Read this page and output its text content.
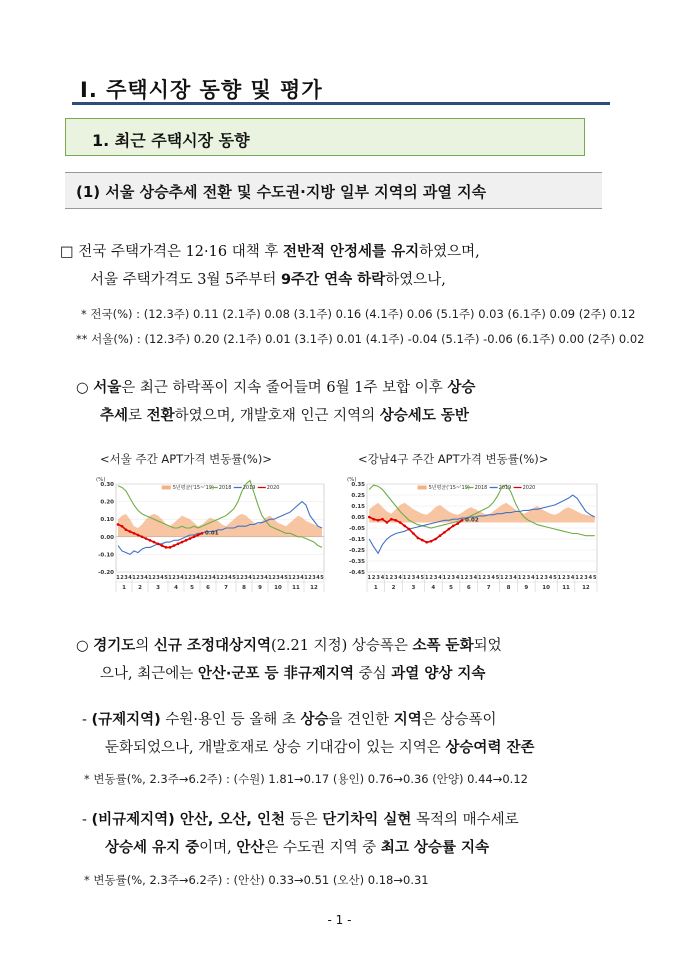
Ⅰ. 주택시장 동향 및 평가
1. 최근 주택시장 동향
(1) 서울 상승추세 전환 및 수도권·지방 일부 지역의 과열 지속
□ 전국 주택가격은 12·16 대책 후 전반적 안정세를 유지하였으며,
서울 주택가격도 3월 5주부터 9주간 연속 하락하였으나,
* 전국(%) : (12.3주) 0.11 (2.1주) 0.08 (3.1주) 0.16 (4.1주) 0.06 (5.1주) 0.03 (6.1주) 0.09 (2주) 0.12
** 서울(%) : (12.3주) 0.20 (2.1주) 0.01 (3.1주) 0.01 (4.1주) -0.04 (5.1주) -0.06 (6.1주) 0.00 (2주) 0.02
○ 서울은 최근 하락폭이 지속 줄어들며 6월 1주 보합 이후 상승
추세로 전환하였으며, 개발호재 인근 지역의 상승세도 동반
<서울 주간 APT가격 변동률(%)>	<강남4구 주간 APT가격 변동률(%)>
(%)
0.30
0.20
0.10
0.00
-0.10
-0.20
0.01
5년평균('15~'19) 2018 2019 2020
1 2 3 4 1 2 3 4 1 2 3 4 5 1 2 3 4 1 2 3 4 1 2 3 4 1 2 3 4 5 1 2 3 4 1 2 3 4 1 2 3 4 5 1 2 3 4 1 2 3 4 5
1 2	3	4 5 6	7	8 9 10 11 12
(%)
0.35
0.25
0.15
0.05
-0.05
-0.15
-0.25
-0.35
-0.45
0.02
5년평균('15~'19) 2018 2019 2020
1 2 3 4 1 2 3 4 1 2 3 4 5 1 2 3 4 1 2 3 4 1 2 3 4 1 2 3 4 5 1 2 3 4 1 2 3 4 1 2 3 4 5 1 2 3 4 1 2 3 4 5
1	2	3	4	5	6	7	8	9	10 11 12
○ 경기도의 신규 조정대상지역(2.21 지정) 상승폭은 소폭 둔화되었
으나, 최근에는 안산·군포 등 非규제지역 중심 과열 양상 지속
- (규제지역) 수원·용인 등 올해 초 상승을 견인한 지역은 상승폭이
둔화되었으나, 개발호재로 상승 기대감이 있는 지역은 상승여력 잔존
* 변동률(%, 2.3주→6.2주) : (수원) 1.81→0.17 (용인) 0.76→0.36 (안양) 0.44→0.12
- (비규제지역) 안산, 오산, 인천 등은 단기차익 실현 목적의 매수세로
상승세 유지 중이며, 안산은 수도권 지역 중 최고 상승률 지속
* 변동률(%, 2.3주→6.2주) : (안산) 0.33→0.51 (오산) 0.18→0.31
- 1 -
